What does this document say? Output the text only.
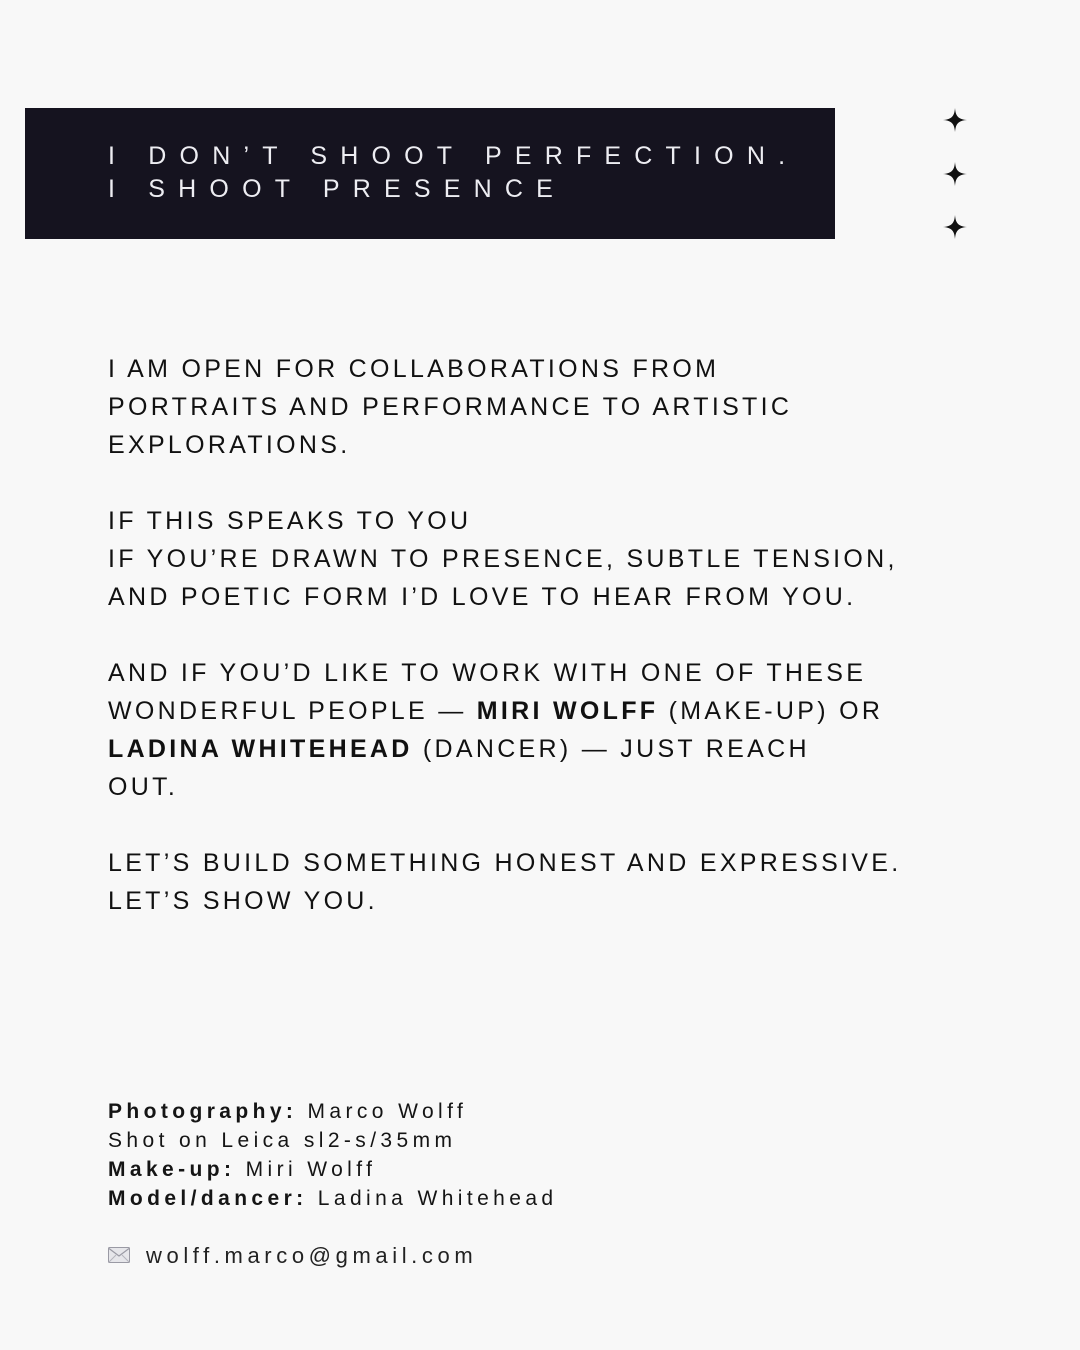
I DON’T SHOOT PERFECTION.
I SHOOT PRESENCE
I AM OPEN FOR COLLABORATIONS FROM
PORTRAITS AND PERFORMANCE TO ARTISTIC
EXPLORATIONS.
IF THIS SPEAKS TO YOU
IF YOU’RE DRAWN TO PRESENCE, SUBTLE TENSION,
AND POETIC FORM I’D LOVE TO HEAR FROM YOU.
AND IF YOU’D LIKE TO WORK WITH ONE OF THESE
WONDERFUL PEOPLE — MIRI WOLFF (MAKE-UP) OR
LADINA WHITEHEAD (DANCER) — JUST REACH
OUT.
LET’S BUILD SOMETHING HONEST AND EXPRESSIVE.
LET’S SHOW YOU.
Photography: Marco Wolff
Shot on Leica sl2-s/35mm
Make-up: Miri Wolff
Model/dancer: Ladina Whitehead
wolff.marco@gmail.com
